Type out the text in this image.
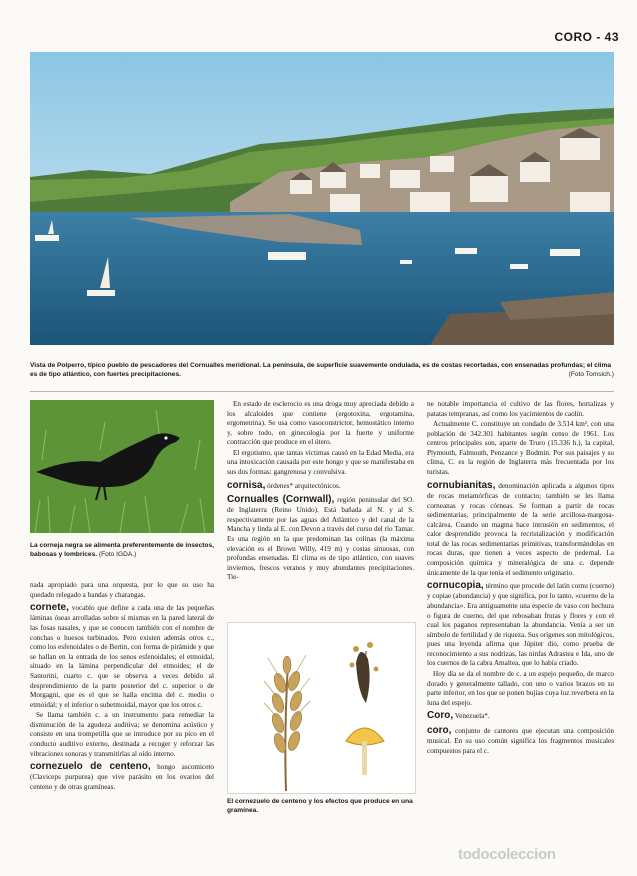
CORO - 43
Vista de Polperro, típico pueblo de pescadores del Cornualles meridional. La península, de superficie suavemente ondulada, es de costas recortadas, con ensenadas profundas; el clima es de tipo atlántico, con fuertes precipitaciones.	(Foto Tomsich.)
La corneja negra se alimenta preferentemente de insectos, babosas y lombrices. (Foto IGDA.)

nada apropiado para una orquesta, por lo que su uso ha quedado relegado a bandas y charangas.

cornete, vocablo que define a cada una de las pequeñas láminas óseas arrolladas sobre sí mismas en la pared lateral de las fosas nasales, y que se conocen también con el nombre de conchas o huesos turbinados. Pero existen además otros c., como los esfenoidales o de Bertin, con forma de pirámide y que se hallan en la entrada de los senos esfenoidales; el etmoidal, situado en la lámina perpendicular del etmoides; el de Santorini, cuarto c. que se observa a veces debido al desprendimiento de la parte posterior del c. superior o de Morgagni, que es el que se halla encima del c. medio o etmoidal; y el inferior o subetmoidal, mayor que los otros c.

Se llama también c. a un instrumento para remediar la disminución de la agudeza auditiva; se denomina acústico y consiste en una trompetilla que se introduce por su pico en el conducto auditivo externo, destinada a recoger y reforzar las vibraciones sonoras y transmitirlas al oído interno.

cornezuelo de centeno, hongo ascomiceto (Claviceps purpurea) que vive parásito en los ovarios del centeno y de otras gramíneas.

En estado de esclerocio es una droga muy apreciada debido a los alcaloides que contiene (ergotoxina, ergotamina, ergometrina). Se usa como vasoconstrictor, hemostático interno y, sobre todo, en ginecología por la fuerte y uniforme contracción que produce en el útero.

El ergotismo, que tantas víctimas causó en la Edad Media, era una intoxicación causada por este hongo y que se manifestaba en sus dos formas: gangrenosa y convulsiva.

cornisa, órdenes* arquitectónicos.

Cornualles (Cornwall), región peninsular del SO. de Inglaterra (Reino Unido). Está bañada al N. y al S. respectivamente por las aguas del Atlántico y del canal de la Mancha y linda al E. con Devon a través del curso del río Tamar. Es una región en la que predominan las colinas (la máxima elevación es el Brown Willy, 419 m) y costas sinuosas, con profundas ensenadas. El clima es de tipo atlántico, con suaves inviernos, frescos veranos y muy abundantes precipitaciones. Tie-

El cornezuelo de centeno y los efectos que produce en una gramínea.

ne notable importancia el cultivo de las flores, hortalizas y patatas tempranas, así como los yacimientos de caolín.

Actualmente C. constituye un condado de 3.514 km², con una población de 342.301 habitantes según censo de 1961. Los centros principales son, aparte de Truro (15.336 h.), la capital, Plymouth, Falmouth, Penzance y Bodmin. Por sus paisajes y su clima, C. es la región de Inglaterra más frecuentada por los turistas.

cornubianitas, denominación aplicada a algunos tipos de rocas metamórficas de contacto; también se les llama corneanas y rocas córneas. Se forman a partir de rocas sedimentarias, principalmente de la serie arcillosa-margosa-calcárea. Cuando un magma hace intrusión en sedimentos, el calor desprendido provoca la recristalización y modificación total de las rocas sedimentarias primitivas, transformándolas en rocas duras, que tienen a veces aspecto de pedernal. La composición química y mineralógica de una c. depende únicamente de la que tenía el sedimento originario.

cornucopia, término que procede del latín cornu (cuerno) y copiae (abundancia) y que significa, por lo tanto, «cuerno de la abundancia». Era antiguamente una especie de vaso con hechura o figura de cuerno, del que rebosaban frutas y flores y con el cual los paganos representaban la abundancia. Venía a ser un símbolo de fertilidad y de riqueza. Sus orígenes son mitológicos, pues una leyenda afirma que Júpiter dio, como prueba de reconocimiento a sus nodrizas, las ninfas Adrastea e Ida, uno de los cuernos de la cabra Amaltea, que lo había criado.

Hoy día se da el nombre de c. a un espejo pequeño, de marco dorado y generalmente tallado, con uno o varios brazos en su parte inferior, en los que se ponen bujías cuya luz reverbera en la luna del espejo.

Coro, Venezuela*.

coro, conjunto de cantores que ejecutan una composición musical. En su uso común significa los fragmentos musicales compuestos para el c.

todocoleccion
